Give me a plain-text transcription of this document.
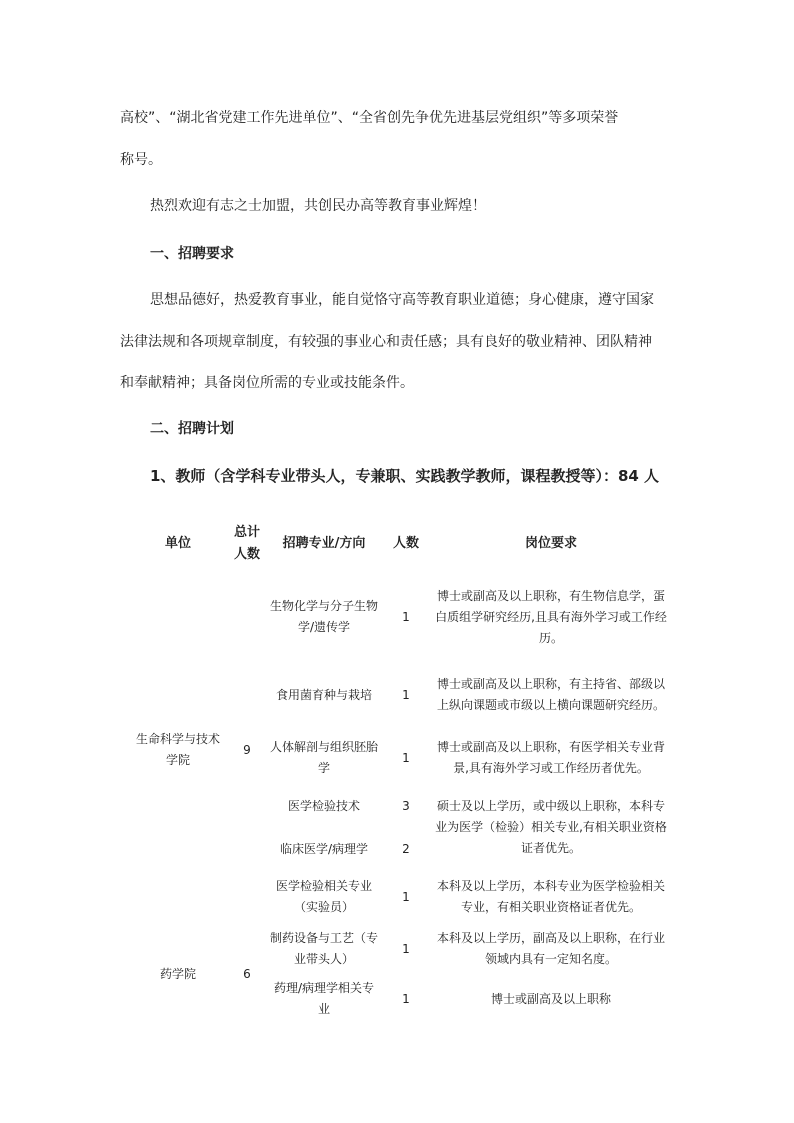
高校”、“湖北省党建工作先进单位”、“全省创先争优先进基层党组织”等多项荣誉
称号。
热烈欢迎有志之士加盟，共创民办高等教育事业辉煌！
一、招聘要求
思想品德好，热爱教育事业，能自觉恪守高等教育职业道德；身心健康，遵守国家
法律法规和各项规章制度，有较强的事业心和责任感；具有良好的敬业精神、团队精神
和奉献精神；具备岗位所需的专业或技能条件。
二、招聘计划
1、教师（含学科专业带头人，专兼职、实践教学教师，课程教授等）：84 人
单位	总计人数	招聘专业/方向	人数	岗位要求
生命科学与技术学院	9	生物化学与分子生物学/遗传学	1	博士或副高及以上职称，有生物信息学，蛋白质组学研究经历,且具有海外学习或工作经历。
		食用菌育种与栽培	1	博士或副高及以上职称，有主持省、部级以上纵向课题或市级以上横向课题研究经历。
		人体解剖与组织胚胎学	1	博士或副高及以上职称，有医学相关专业背景,具有海外学习或工作经历者优先。
		医学检验技术	3	硕士及以上学历，或中级以上职称，本科专业为医学（检验）相关专业,有相关职业资格证者优先。
		临床医学/病理学	2	
		医学检验相关专业（实验员）	1	本科及以上学历，本科专业为医学检验相关专业，有相关职业资格证者优先。
药学院	6	制药设备与工艺（专业带头人）	1	本科及以上学历，副高及以上职称，在行业领域内具有一定知名度。
		药理/病理学相关专业	1	博士或副高及以上职称
